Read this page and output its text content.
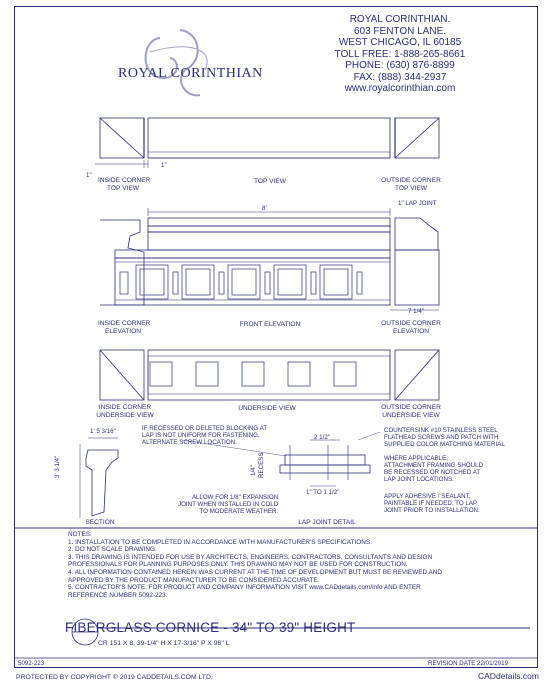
ROYAL CORINTHIAN
ROYAL CORINTHIAN.
603 FENTON LANE.
WEST CHICAGO, IL 60185
TOLL FREE: 1-888-265-8661
PHONE: (630) 876-8899
FAX: (888) 344-2937
www.royalcorinthian.com
INSIDE CORNER
TOP VIEW
TOP VIEW	OUTSIDE CORNER
TOP VIEW
INSIDE CORNER
ELEVATION
FRONT ELEVATION	OUTSIDE CORNER
ELEVATION
INSIDE CORNER
UNDERSIDE VIEW
UNDERSIDE VIEW	OUTSIDE CORNER
UNDERSIDE VIEW
SECTION	LAP JOINT DETAIL
1"
1"
8'
1" LAP JOINT
7 1/4"
1' 5 3/16"
3' 3 1/4"
2 1/2"
RECESS
1/4"
1" TO 1 1/2"
IF RECESSED OR DELETED BLOCKING AT
LAP IS NOT UNIFORM FOR FASTENING,
ALTERNATE SCREW LOCATION.
ALLOW FOR 1/8" EXPANSION
JOINT WHEN INSTALLED IN COLD
TO MODERATE WEATHER.
COUNTERSINK #10 STAINLESS STEEL
FLATHEAD SCREWS AND PATCH WITH
SUPPLIED COLOR MATCHING MATERIAL
WHERE APPLICABLE,
ATTACHMENT FRAMING SHOULD
BE RECESSED OR NOTCHED AT
LAP JOINT LOCATIONS.
APPLY ADHESIVE / SEALANT,
PAINTABLE IF NEEDED, TO LAP
JOINT PRIOR TO INSTALLATION.
NOTES:
1. INSTALLATION TO BE COMPLETED IN ACCORDANCE WITH MANUFACTURER'S SPECIFICATIONS.
2. DO NOT SCALE DRAWING.
3. THIS DRAWING IS INTENDED FOR USE BY ARCHITECTS, ENGINEERS, CONTRACTORS, CONSULTANTS AND DESIGN
PROFESSIONALS FOR PLANNING PURPOSES ONLY. THIS DRAWING MAY NOT BE USED FOR CONSTRUCTION.
4. ALL INFORMATION CONTAINED HEREIN WAS CURRENT AT THE TIME OF DEVELOPMENT BUT MUST BE REVIEWED AND
APPROVED BY THE PRODUCT MANUFACTURER TO BE CONSIDERED ACCURATE.
5. CONTRACTOR'S NOTE: FOR PRODUCT AND COMPANY INFORMATION VISIT www.CADdetails.com/info AND ENTER
REFERENCE NUMBER 5092-223.
FIBERGLASS CORNICE - 34" TO 39" HEIGHT
CR 151 X 8, 39-1/4" H X 17-3/16" P X 96" L
5092-223	REVISION DATE 22/01/2019
PROTECTED BY COPYRIGHT © 2019 CADDETAILS.COM LTD.	CADdetails.com
